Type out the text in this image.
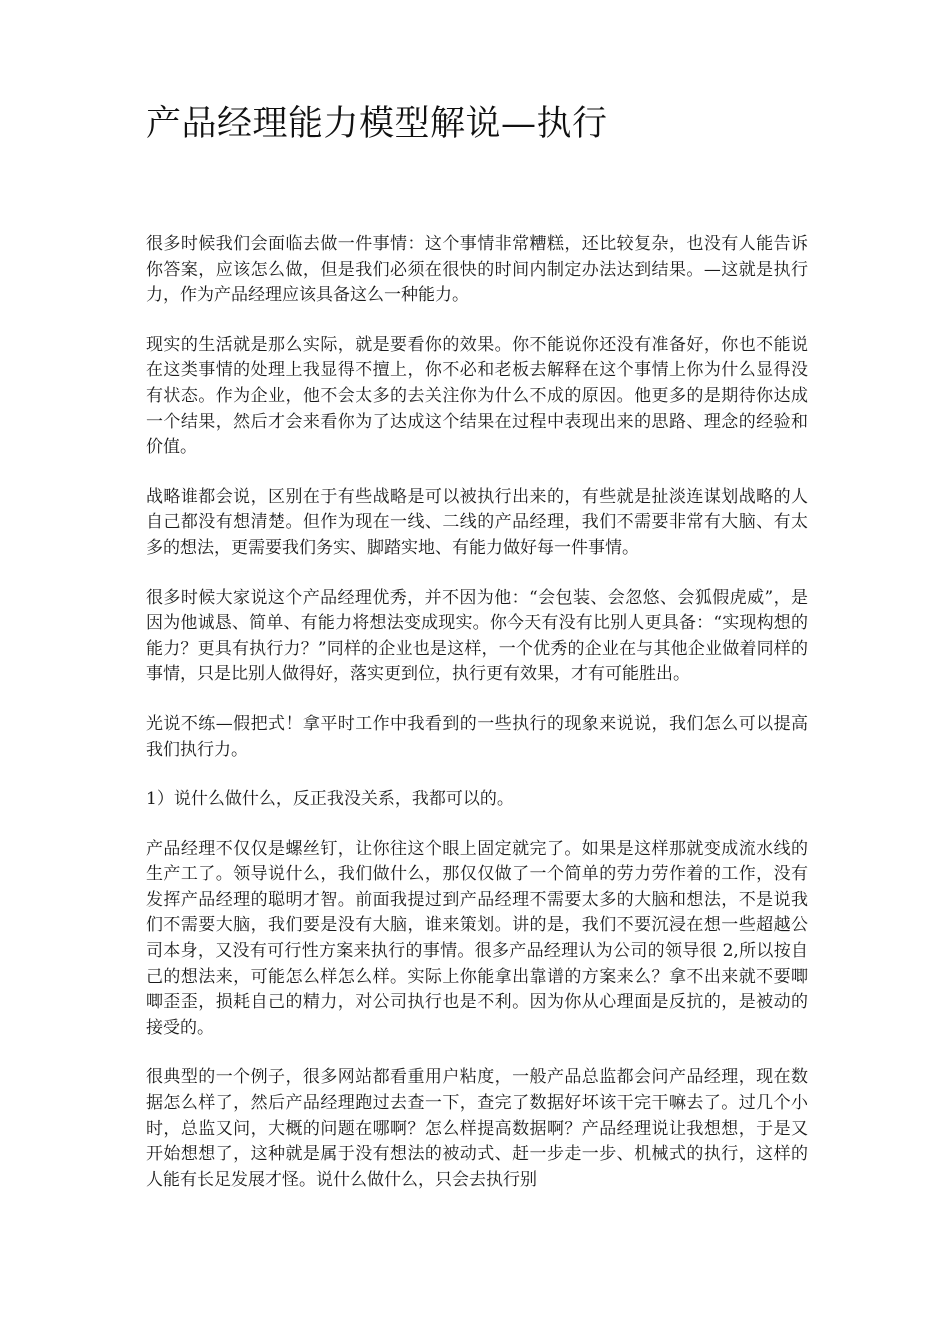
产品经理能力模型解说—执行

很多时候我们会面临去做一件事情：这个事情非常糟糕，还比较复杂，也没有人能告诉你答案，应该怎么做，但是我们必须在很快的时间内制定办法达到结果。—这就是执行力，作为产品经理应该具备这么一种能力。

现实的生活就是那么实际，就是要看你的效果。你不能说你还没有准备好，你也不能说在这类事情的处理上我显得不擅上，你不必和老板去解释在这个事情上你为什么显得没有状态。作为企业，他不会太多的去关注你为什么不成的原因。他更多的是期待你达成一个结果，然后才会来看你为了达成这个结果在过程中表现出来的思路、理念的经验和价值。

战略谁都会说，区别在于有些战略是可以被执行出来的，有些就是扯淡连谋划战略的人自己都没有想清楚。但作为现在一线、二线的产品经理，我们不需要非常有大脑、有太多的想法，更需要我们务实、脚踏实地、有能力做好每一件事情。

很多时候大家说这个产品经理优秀，并不因为他：“会包装、会忽悠、会狐假虎威”，是因为他诚恳、简单、有能力将想法变成现实。你今天有没有比别人更具备：“实现构想的能力？更具有执行力？”同样的企业也是这样，一个优秀的企业在与其他企业做着同样的事情，只是比别人做得好，落实更到位，执行更有效果，才有可能胜出。

光说不练—假把式！拿平时工作中我看到的一些执行的现象来说说，我们怎么可以提高我们执行力。

1）说什么做什么，反正我没关系，我都可以的。

产品经理不仅仅是螺丝钉，让你往这个眼上固定就完了。如果是这样那就变成流水线的生产工了。领导说什么，我们做什么，那仅仅做了一个简单的劳力劳作着的工作，没有发挥产品经理的聪明才智。前面我提过到产品经理不需要太多的大脑和想法，不是说我们不需要大脑，我们要是没有大脑，谁来策划。讲的是，我们不要沉浸在想一些超越公司本身，又没有可行性方案来执行的事情。很多产品经理认为公司的领导很 2,所以按自己的想法来，可能怎么样怎么样。实际上你能拿出靠谱的方案来么？拿不出来就不要唧唧歪歪，损耗自己的精力，对公司执行也是不利。因为你从心理面是反抗的，是被动的接受的。

很典型的一个例子，很多网站都看重用户粘度，一般产品总监都会问产品经理，现在数据怎么样了，然后产品经理跑过去查一下，查完了数据好坏该干完干嘛去了。过几个小时，总监又问，大概的问题在哪啊？怎么样提高数据啊？产品经理说让我想想，于是又开始想想了，这种就是属于没有想法的被动式、赶一步走一步、机械式的执行，这样的人能有长足发展才怪。说什么做什么，只会去执行别
